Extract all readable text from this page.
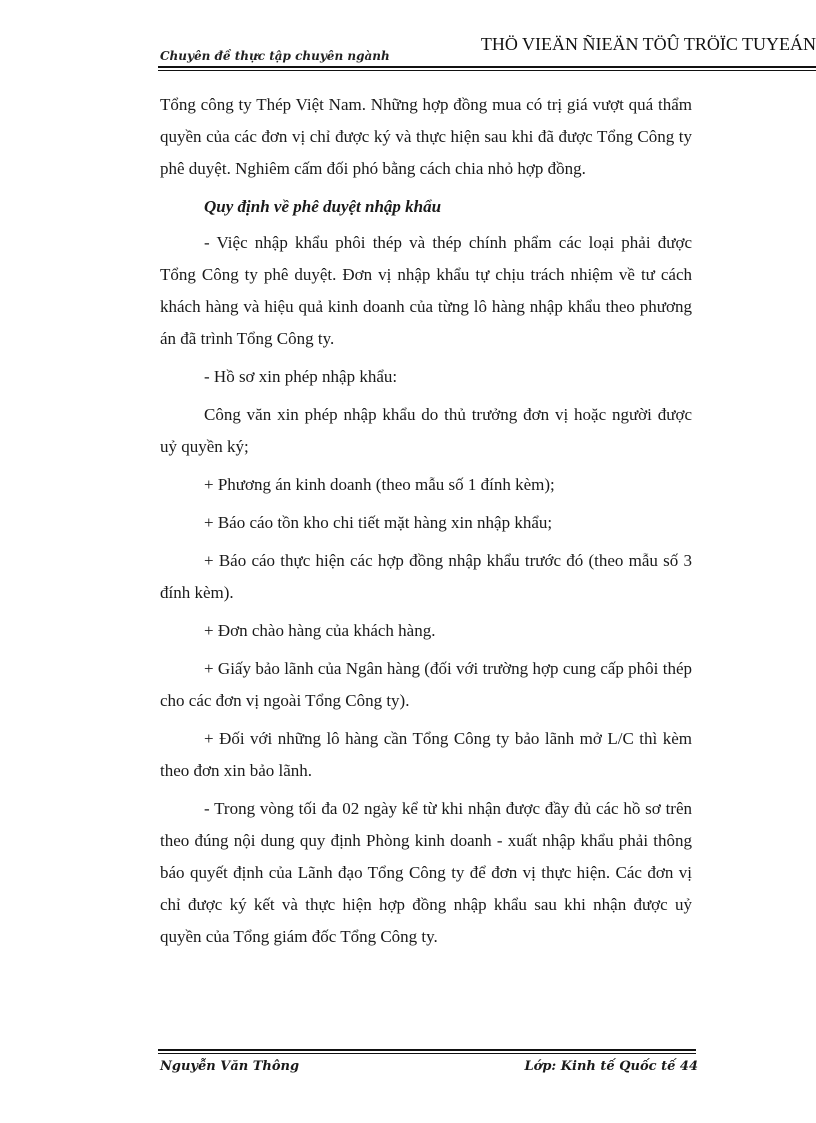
Chuyên đề thực tập chuyên ngành
THÖ VIEÄN ÑIEÄN TÖÛ TRÖÏC TUYEÁN

Tổng công ty Thép Việt Nam. Những hợp đồng mua có trị giá vượt quá thẩm quyền của các đơn vị chỉ được ký và thực hiện sau khi đã được Tổng Công ty phê duyệt. Nghiêm cấm đối phó bằng cách chia nhỏ hợp đồng.

Quy định về phê duyệt nhập khẩu

- Việc nhập khẩu phôi thép và thép chính phẩm các loại phải được Tổng Công ty phê duyệt. Đơn vị nhập khẩu tự chịu trách nhiệm về tư cách khách hàng và hiệu quả kinh doanh của từng lô hàng nhập khẩu theo phương án đã trình Tổng Công ty.

- Hồ sơ xin phép nhập khẩu:

Công văn xin phép nhập khẩu do thủ trưởng đơn vị hoặc người được uỷ quyền ký;

+ Phương án kinh doanh (theo mẫu số 1 đính kèm);

+ Báo cáo tồn kho chi tiết mặt hàng xin nhập khẩu;

+ Báo cáo thực hiện các hợp đồng nhập khẩu trước đó (theo mẫu số 3 đính kèm).

+ Đơn chào hàng của khách hàng.

+ Giấy bảo lãnh của Ngân hàng (đối với trường hợp cung cấp phôi thép cho các đơn vị ngoài Tổng Công ty).

+ Đối với những lô hàng cần Tổng Công ty bảo lãnh mở L/C thì kèm theo đơn xin bảo lãnh.

- Trong vòng tối đa 02 ngày kể từ khi nhận được đầy đủ các hồ sơ trên theo đúng nội dung quy định Phòng kinh doanh - xuất nhập khẩu phải thông báo quyết định của Lãnh đạo Tổng Công ty để đơn vị thực hiện. Các đơn vị chỉ được ký kết và thực hiện hợp đồng nhập khẩu sau khi nhận được uỷ quyền của Tổng giám đốc Tổng Công ty.

Nguyễn Văn Thông	Lớp: Kinh tế Quốc tế 44
